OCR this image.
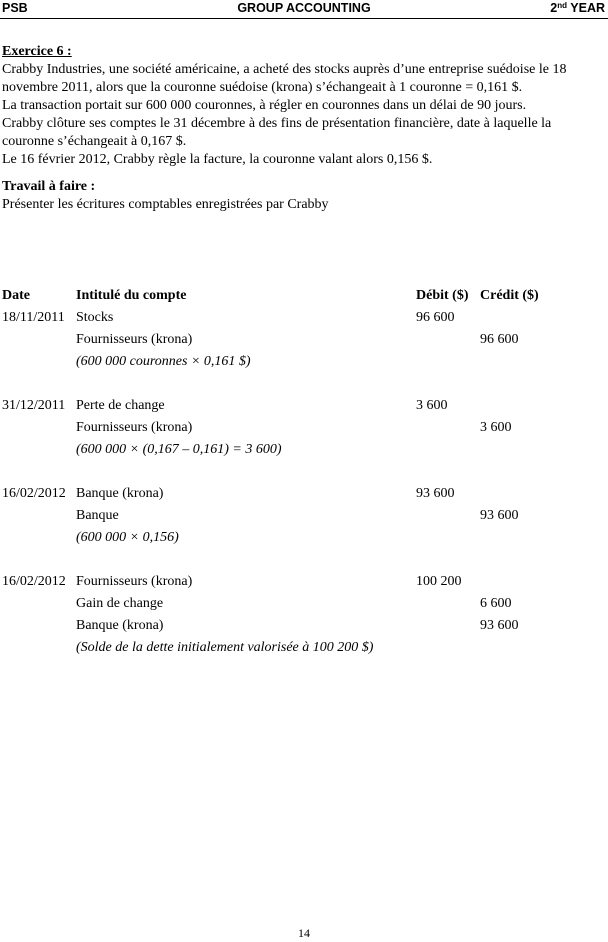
PSB	GROUP ACCOUNTING	2nd YEAR
Exercice 6 :

Crabby Industries, une société américaine, a acheté des stocks auprès d’une entreprise suédoise le 18 novembre 2011, alors que la couronne suédoise (krona) s’échangeait à 1 couronne = 0,161 $.

La transaction portait sur 600 000 couronnes, à régler en couronnes dans un délai de 90 jours.

Crabby clôture ses comptes le 31 décembre à des fins de présentation financière, date à laquelle la couronne s’échangeait à 0,167 $.

Le 16 février 2012, Crabby règle la facture, la couronne valant alors 0,156 $.

Travail à faire :
Présenter les écritures comptables enregistrées par Crabby
Date	Intitulé du compte	Débit ($)	Crédit ($)
18/11/2011	Stocks	96 600	
	Fournisseurs (krona)		96 600
	(600 000 couronnes × 0,161 $)		

31/12/2011	Perte de change	3 600	
	Fournisseurs (krona)		3 600
	(600 000 × (0,167 – 0,161) = 3 600)		

16/02/2012	Banque (krona)	93 600	
	Banque		93 600
	(600 000 × 0,156)		

16/02/2012	Fournisseurs (krona)	100 200	
	Gain de change		6 600
	Banque (krona)		93 600
	(Solde de la dette initialement valorisée à 100 200 $)		
14
